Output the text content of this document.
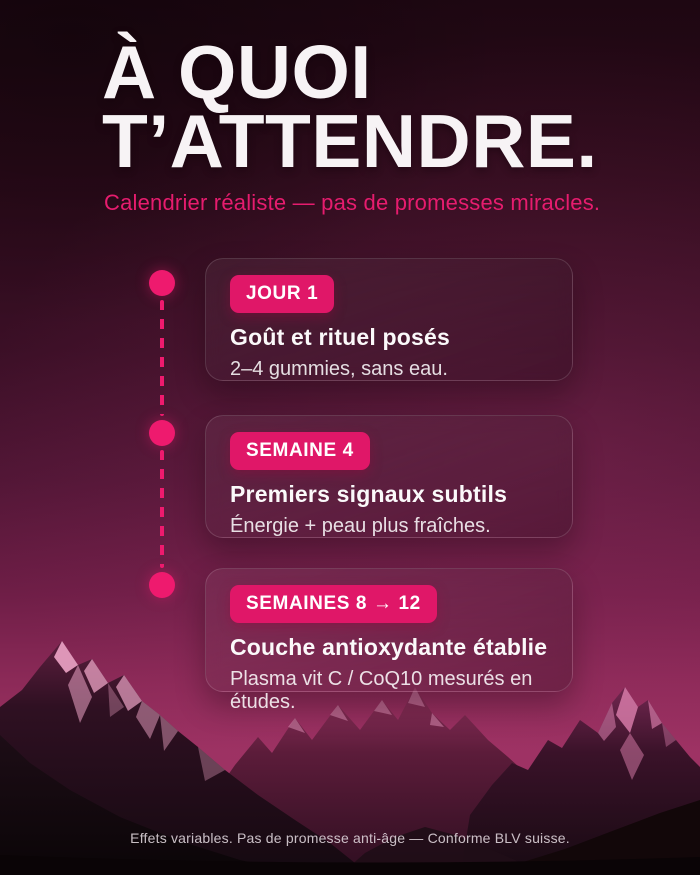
À QUOI
T’ATTENDRE.

Calendrier réaliste — pas de promesses miracles.

JOUR 1

Goût et rituel posés

2–4 gummies, sans eau.

SEMAINE 4

Premiers signaux subtils

Énergie + peau plus fraîches.

SEMAINES 8 → 12

Couche antioxydante établie

Plasma vit C / CoQ10 mesurés en études.

Effets variables. Pas de promesse anti-âge — Conforme BLV suisse.
